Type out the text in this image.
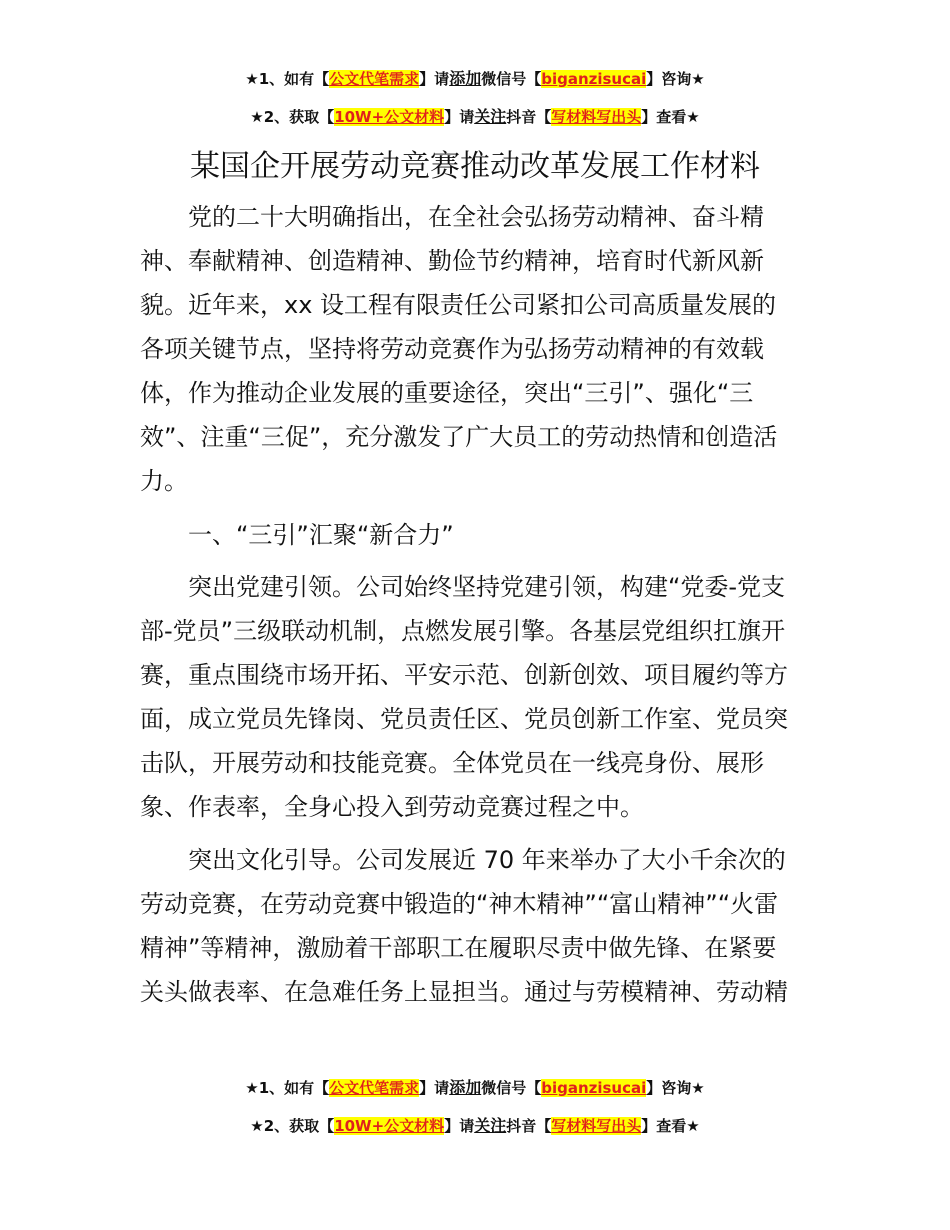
★1、如有【公文代笔需求】请添加微信号【biganzisucai】咨询★
★2、获取【10W+公文材料】请关注抖音【写材料写出头】查看★
某国企开展劳动竞赛推动改革发展工作材料
党的二十大明确指出，在全社会弘扬劳动精神、奋斗精
神、奉献精神、创造精神、勤俭节约精神，培育时代新风新
貌。近年来，xx 设工程有限责任公司紧扣公司高质量发展的
各项关键节点，坚持将劳动竞赛作为弘扬劳动精神的有效载
体，作为推动企业发展的重要途径，突出“三引”、强化“三
效”、注重“三促”，充分激发了广大员工的劳动热情和创造活
力。
一、“三引”汇聚“新合力”
突出党建引领。公司始终坚持党建引领，构建“党委-党支
部-党员”三级联动机制，点燃发展引擎。各基层党组织扛旗开
赛，重点围绕市场开拓、平安示范、创新创效、项目履约等方
面，成立党员先锋岗、党员责任区、党员创新工作室、党员突
击队，开展劳动和技能竞赛。全体党员在一线亮身份、展形
象、作表率，全身心投入到劳动竞赛过程之中。
突出文化引导。公司发展近 70 年来举办了大小千余次的
劳动竞赛，在劳动竞赛中锻造的“神木精神”“富山精神”“火雷
精神”等精神，激励着干部职工在履职尽责中做先锋、在紧要
关头做表率、在急难任务上显担当。通过与劳模精神、劳动精
★1、如有【公文代笔需求】请添加微信号【biganzisucai】咨询★
★2、获取【10W+公文材料】请关注抖音【写材料写出头】查看★
